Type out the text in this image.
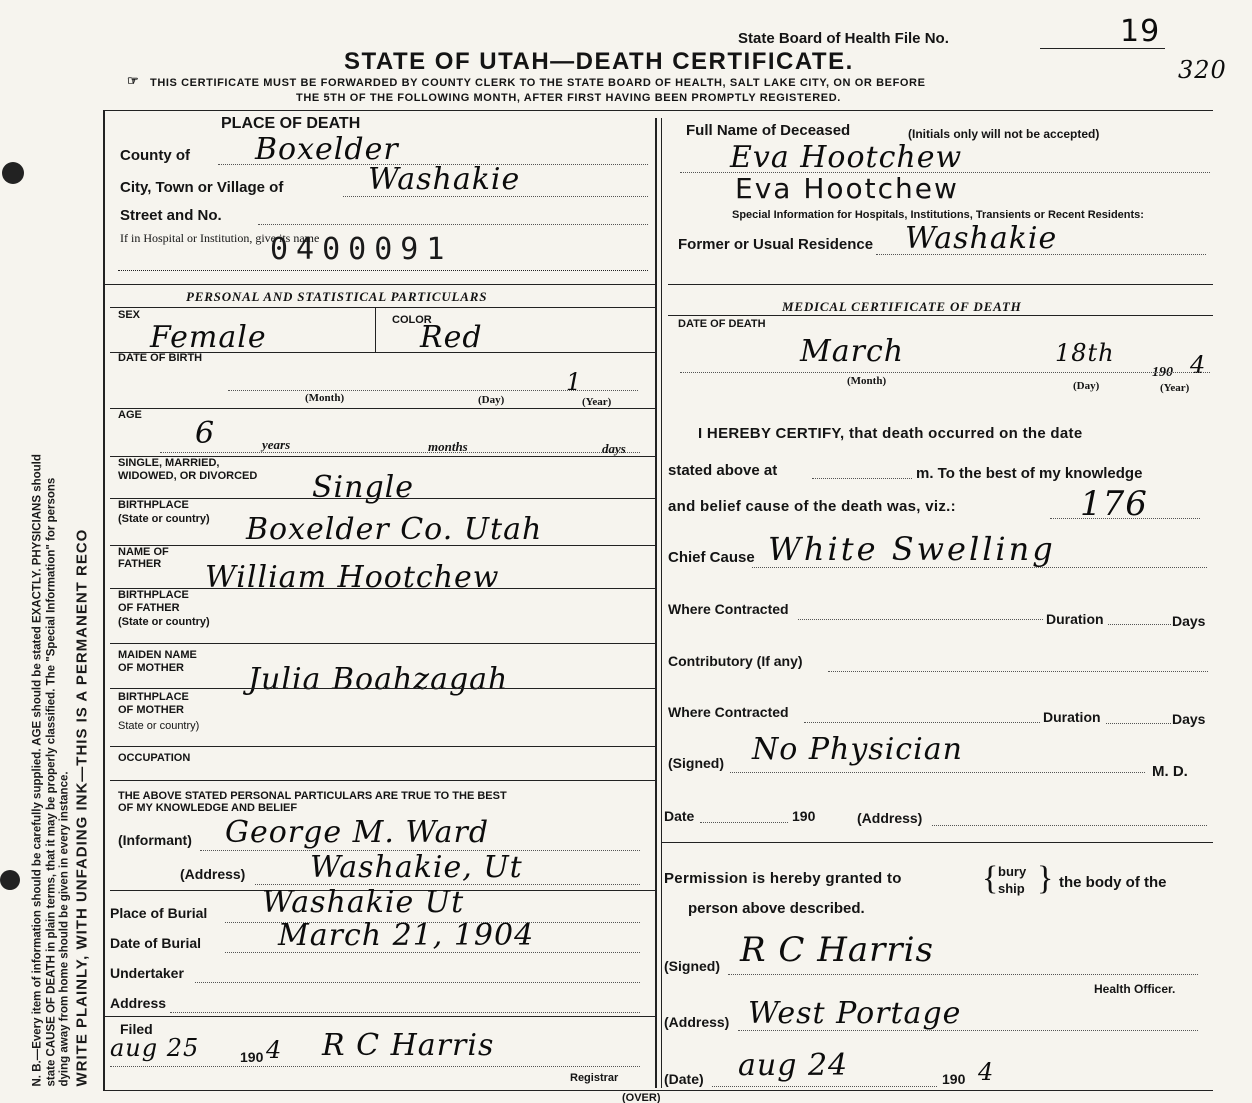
N. B.—Every item of information should be carefully supplied. AGE should be stated EXACTLY. PHYSICIANS should state CAUSE OF DEATH in plain terms, that it may be properly classified. The "Special Information" for persons dying away from home should be given in every instance. WRITE PLAINLY, WITH UNFADING INK—THIS IS A PERMANENT RECO
State Board of Health File No.	19
320
STATE OF UTAH—DEATH CERTIFICATE.
☞ THIS CERTIFICATE MUST BE FORWARDED BY COUNTY CLERK TO THE STATE BOARD OF HEALTH, SALT LAKE CITY, ON OR BEFORE
THE 5TH OF THE FOLLOWING MONTH, AFTER FIRST HAVING BEEN PROMPTLY REGISTERED.
(OVER)
PLACE OF DEATH
County of Boxelder
City, Town or Village of	Washakie
Street and No.
If in Hospital or Institution, give its name
0400091
PERSONAL AND STATISTICAL PARTICULARS
SEX
Female	COLOR
Red
DATE OF BIRTH
1
(Month)	(Day)	(Year)
AGE
6	years	months	days
SINGLE, MARRIED,
WIDOWED, OR DIVORCED Single
BIRTHPLACE
(State or country) Boxelder Co. Utah
NAME OF
FATHER William Hootchew
BIRTHPLACE
OF FATHER
(State or country)
MAIDEN NAME
OF MOTHER Julia Boahzagah
BIRTHPLACE
OF MOTHER
State or country)
OCCUPATION
THE ABOVE STATED PERSONAL PARTICULARS ARE TRUE TO THE BEST
OF MY KNOWLEDGE AND BELIEF
(Informant) George M. Ward
(Address) Washakie, Ut
Place of Burial Washakie Ut
Date of Burial	March 21, 1904
Undertaker
Address
Filed
aug 25	190 4 R C Harris
Registrar
Full Name of Deceased	(Initials only will not be accepted)
Eva Hootchew
Eva Hootchew
Special Information for Hospitals, Institutions, Transients or Recent Residents:
Former or Usual Residence Washakie
MEDICAL CERTIFICATE OF DEATH
DATE OF DEATH
March	18th
190 4
(Month)	(Day)	(Year)
I HEREBY CERTIFY, that death occurred on the date
stated above at	m. To the best of my knowledge
and belief cause of the death was, viz.:	176
Chief Cause White Swelling
Where Contracted
Duration	Days
Contributory (If any)
Where Contracted	Duration	Days
(Signed) No Physician
M. D.
Date	190	(Address)
Permission is hereby granted to { bury
ship } the body of the
person above described.
(Signed) R C Harris
Health Officer.
(Address) West Portage
(Date) aug 24	190 4
